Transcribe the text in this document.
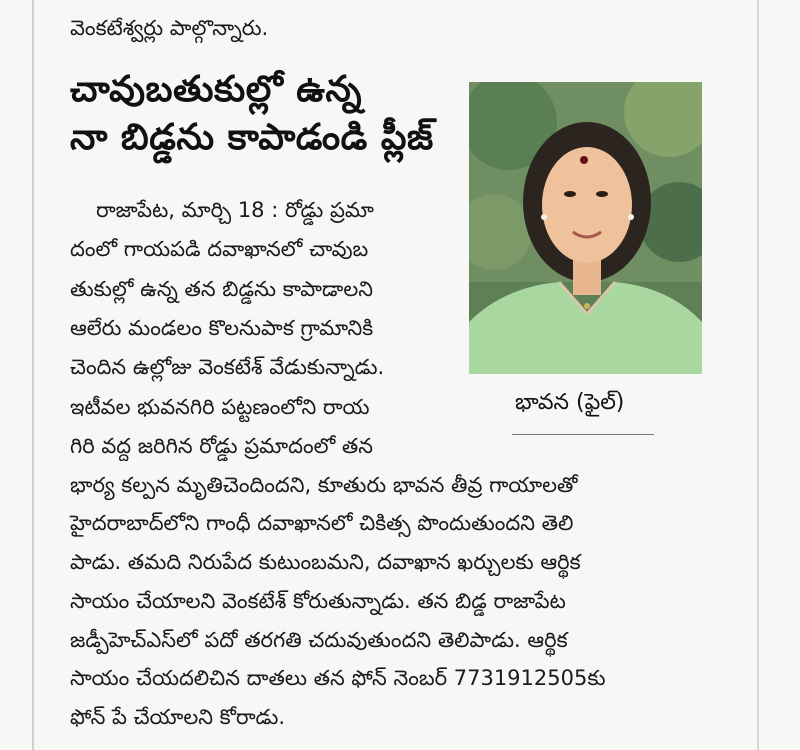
వెంకటేశ్వర్లు పాల్గొన్నారు.
చావుబతుకుల్లో ఉన్న
నా బిడ్డను కాపాడండి ప్లీజ్
రాజాపేట, మార్చి 18 : రోడ్డు ప్రమా
దంలో గాయపడి దవాఖానలో చావుబ
తుకుల్లో ఉన్న తన బిడ్డను కాపాడాలని
ఆలేరు మండలం కొలనుపాక గ్రామానికి
చెందిన ఉల్లోజు వెంకటేశ్ వేడుకున్నాడు.
ఇటీవల భువనగిరి పట్టణంలోని రాయ
గిరి వద్ద జరిగిన రోడ్డు ప్రమాదంలో తన
భార్య కల్పన మృతిచెందిందని, కూతురు భావన తీవ్ర గాయాలతో
హైదరాబాద్‌లోని గాంధీ దవాఖానలో చికిత్స పొందుతుందని తెలి
పాడు. తమది నిరుపేద కుటుంబమని, దవాఖాన ఖర్చులకు ఆర్థిక
సాయం చేయాలని వెంకటేశ్ కోరుతున్నాడు. తన బిడ్డ రాజాపేట
జడ్పీహెచ్ఎస్‌లో పదో తరగతి చదువుతుందని తెలిపాడు. ఆర్థిక
సాయం చేయదలిచిన దాతలు తన ఫోన్ నెంబర్ 7731912505కు
ఫోన్ పే చేయాలని కోరాడు.
భావన (ఫైల్)
